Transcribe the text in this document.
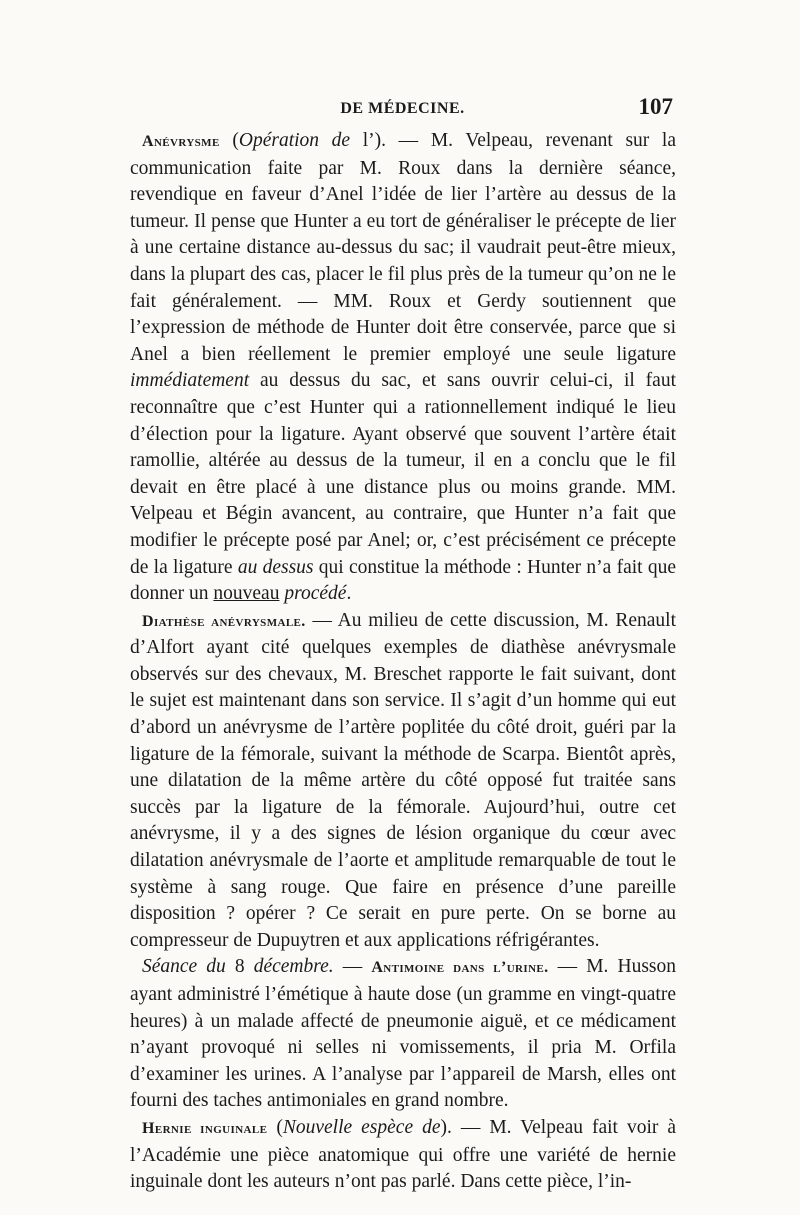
DE MÉDECINE.	107

Anévrysme (Opération de l’). — M. Velpeau, revenant sur la communication faite par M. Roux dans la dernière séance, revendique en faveur d’Anel l’idée de lier l’artère au dessus de la tumeur. Il pense que Hunter a eu tort de généraliser le précepte de lier à une certaine distance au-dessus du sac; il vaudrait peut-être mieux, dans la plupart des cas, placer le fil plus près de la tumeur qu’on ne le fait généralement. — MM. Roux et Gerdy soutiennent que l’expression de méthode de Hunter doit être conservée, parce que si Anel a bien réellement le premier employé une seule ligature immédiatement au dessus du sac, et sans ouvrir celui-ci, il faut reconnaître que c’est Hunter qui a rationnellement indiqué le lieu d’élection pour la ligature. Ayant observé que souvent l’artère était ramollie, altérée au dessus de la tumeur, il en a conclu que le fil devait en être placé à une distance plus ou moins grande. MM. Velpeau et Bégin avancent, au contraire, que Hunter n’a fait que modifier le précepte posé par Anel; or, c’est précisément ce précepte de la ligature au dessus qui constitue la méthode : Hunter n’a fait que donner un nouveau procédé.

Diathèse anévrysmale. — Au milieu de cette discussion, M. Renault d’Alfort ayant cité quelques exemples de diathèse anévrysmale observés sur des chevaux, M. Breschet rapporte le fait suivant, dont le sujet est maintenant dans son service. Il s’agit d’un homme qui eut d’abord un anévrysme de l’artère poplitée du côté droit, guéri par la ligature de la fémorale, suivant la méthode de Scarpa. Bientôt après, une dilatation de la même artère du côté opposé fut traitée sans succès par la ligature de la fémorale. Aujourd’hui, outre cet anévrysme, il y a des signes de lésion organique du cœur avec dilatation anévrysmale de l’aorte et amplitude remarquable de tout le système à sang rouge. Que faire en présence d’une pareille disposition ? opérer ? Ce serait en pure perte. On se borne au compresseur de Dupuytren et aux applications réfrigérantes.

Séance du 8 décembre. — Antimoine dans l’urine. — M. Husson ayant administré l’émétique à haute dose (un gramme en vingt-quatre heures) à un malade affecté de pneumonie aiguë, et ce médicament n’ayant provoqué ni selles ni vomissements, il pria M. Orfila d’examiner les urines. A l’analyse par l’appareil de Marsh, elles ont fourni des taches antimoniales en grand nombre.

Hernie inguinale (Nouvelle espèce de). — M. Velpeau fait voir à l’Académie une pièce anatomique qui offre une variété de hernie inguinale dont les auteurs n’ont pas parlé. Dans cette pièce, l’in-
